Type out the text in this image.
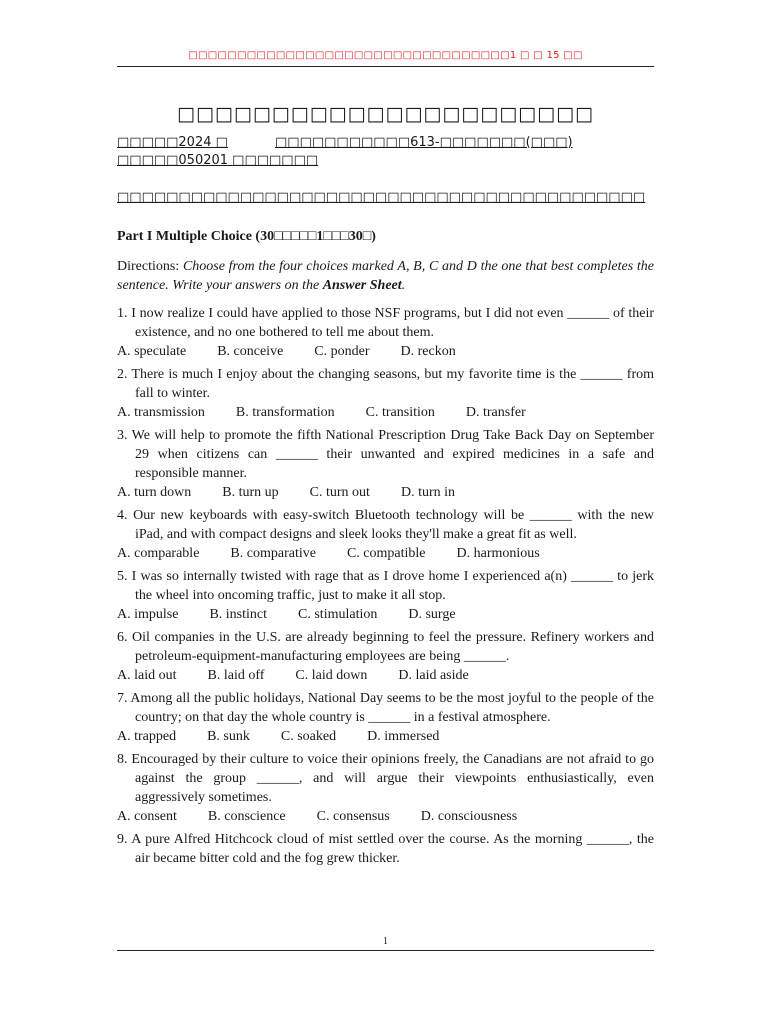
□□□□□□□□□□□□□□□□□□□□□□□□□□□□□□□□□1 □ □ 15 □□
□□□□□□□□□□□□□□□□□□□□□□
□□□□□2024 □	□□□□□□□□□□□613-□□□□□□□(□□□)
□□□□□050201 □□□□□□□
□□□□□□□□□□□□□□□□□□□□□□□□□□□□□□□□□□□□□□□□□□□
Part I Multiple Choice (30□□□□□1□□□30□)
Directions: Choose from the four choices marked A, B, C and D the one that best completes the sentence. Write your answers on the Answer Sheet.
1. I now realize I could have applied to those NSF programs, but I did not even ______ of their existence, and no one bothered to tell me about them.
A. speculate B. conceive C. ponder D. reckon
2. There is much I enjoy about the changing seasons, but my favorite time is the ______ from fall to winter.
A. transmission B. transformation C. transition D. transfer
3. We will help to promote the fifth National Prescription Drug Take Back Day on September 29 when citizens can ______ their unwanted and expired medicines in a safe and responsible manner.
A. turn down B. turn up C. turn out D. turn in
4. Our new keyboards with easy-switch Bluetooth technology will be ______ with the new iPad, and with compact designs and sleek looks they'll make a great fit as well.
A. comparable B. comparative C. compatible D. harmonious
5. I was so internally twisted with rage that as I drove home I experienced a(n) ______ to jerk the wheel into oncoming traffic, just to make it all stop.
A. impulse B. instinct C. stimulation D. surge
6. Oil companies in the U.S. are already beginning to feel the pressure. Refinery workers and petroleum-equipment-manufacturing employees are being ______.
A. laid out B. laid off C. laid down D. laid aside
7. Among all the public holidays, National Day seems to be the most joyful to the people of the country; on that day the whole country is ______ in a festival atmosphere.
A. trapped B. sunk C. soaked D. immersed
8. Encouraged by their culture to voice their opinions freely, the Canadians are not afraid to go against the group ______, and will argue their viewpoints enthusiastically, even aggressively sometimes.
A. consent B. conscience C. consensus D. consciousness
9. A pure Alfred Hitchcock cloud of mist settled over the course. As the morning ______, the air became bitter cold and the fog grew thicker.
1
